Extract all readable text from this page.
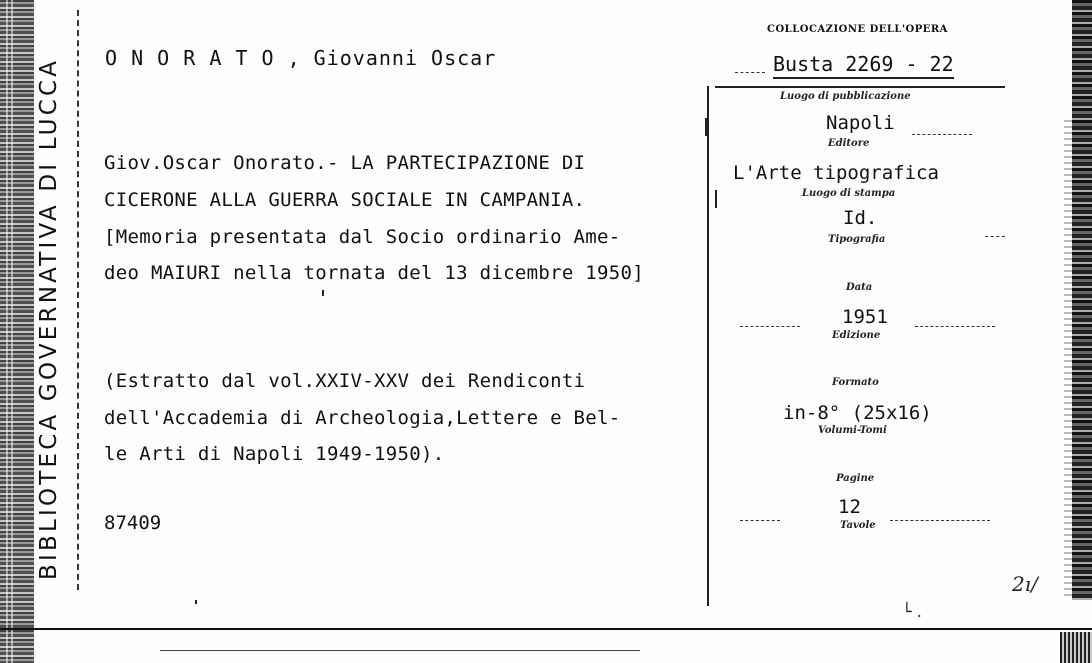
BIBLIOTECA GOVERNATIVA DI LUCCA O N O R A T O , Giovanni Oscar
Giov.Oscar Onorato.- LA PARTECIPAZIONE DI
CICERONE ALLA GUERRA SOCIALE IN CAMPANIA.
[Memoria presentata dal Socio ordinario Ame-
deo MAIURI nella tornata del 13 dicembre 1950]
(Estratto dal vol.XXIV-XXV dei Rendiconti
dell'Accademia di Archeologia,Lettere e Bel-
le Arti di Napoli 1949-1950).
87409
COLLOCAZIONE DELL'OPERA
Busta 2269 - 22
Luogo di pubblicazione
Napoli
Editore
L'Arte tipografica
Luogo di stampa
Id.
Tipografia
Data
1951
Edizione
Formato
in-8° (25x16)
Volumi-Tomi
Pagine
12
Tavole
2ı/
└ .
